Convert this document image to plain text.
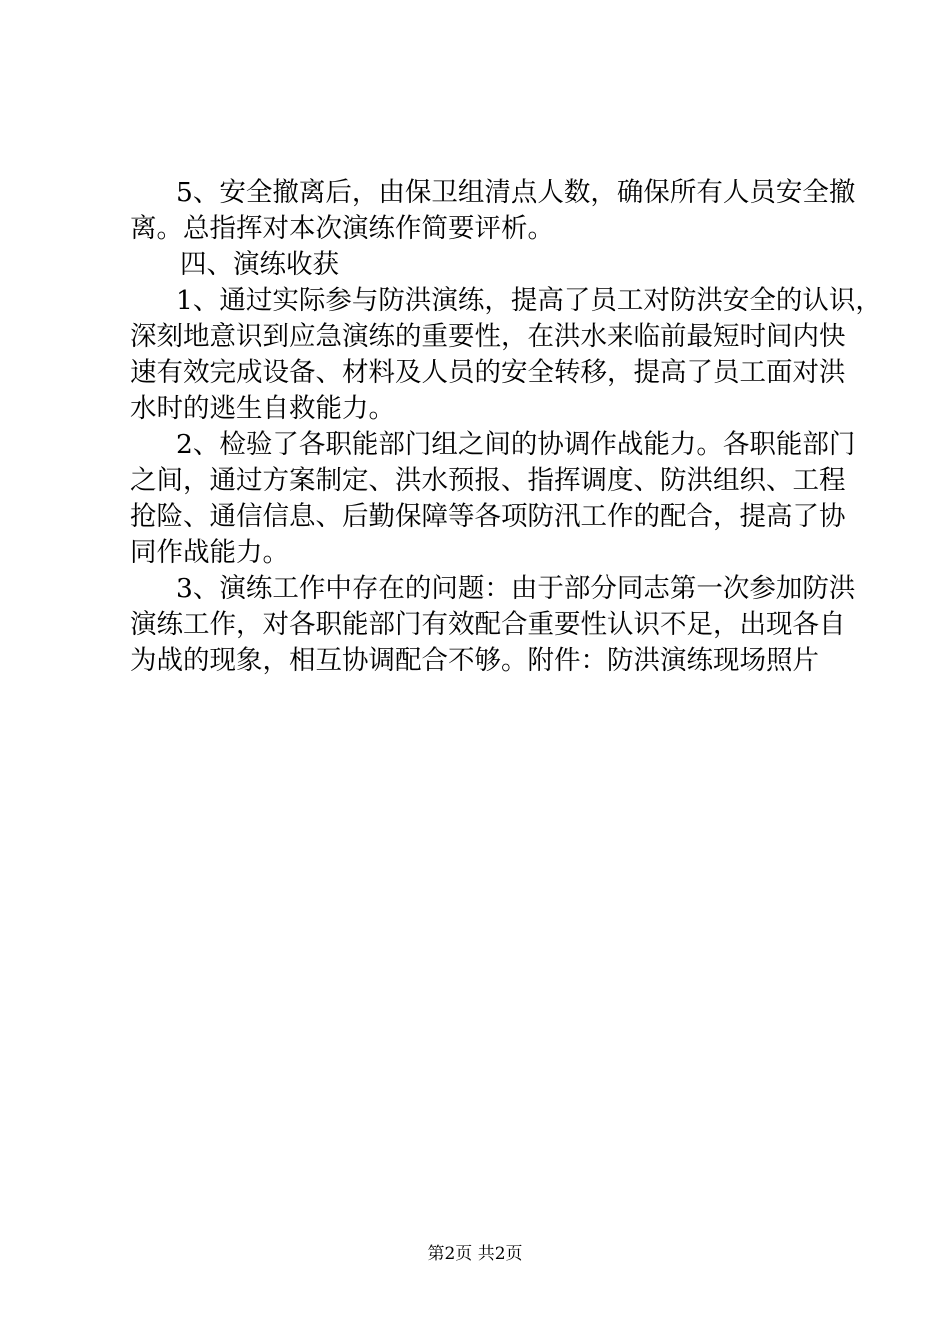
5、安全撤离后，由保卫组清点人数，确保所有人员安全撤
离。总指挥对本次演练作简要评析。
四、演练收获
1、通过实际参与防洪演练，提高了员工对防洪安全的认识，
深刻地意识到应急演练的重要性，在洪水来临前最短时间内快
速有效完成设备、材料及人员的安全转移，提高了员工面对洪
水时的逃生自救能力。
2、检验了各职能部门组之间的协调作战能力。各职能部门
之间，通过方案制定、洪水预报、指挥调度、防洪组织、工程
抢险、通信信息、后勤保障等各项防汛工作的配合，提高了协
同作战能力。
3、演练工作中存在的问题：由于部分同志第一次参加防洪
演练工作，对各职能部门有效配合重要性认识不足，出现各自
为战的现象，相互协调配合不够。附件：防洪演练现场照片
第2页 共2页
